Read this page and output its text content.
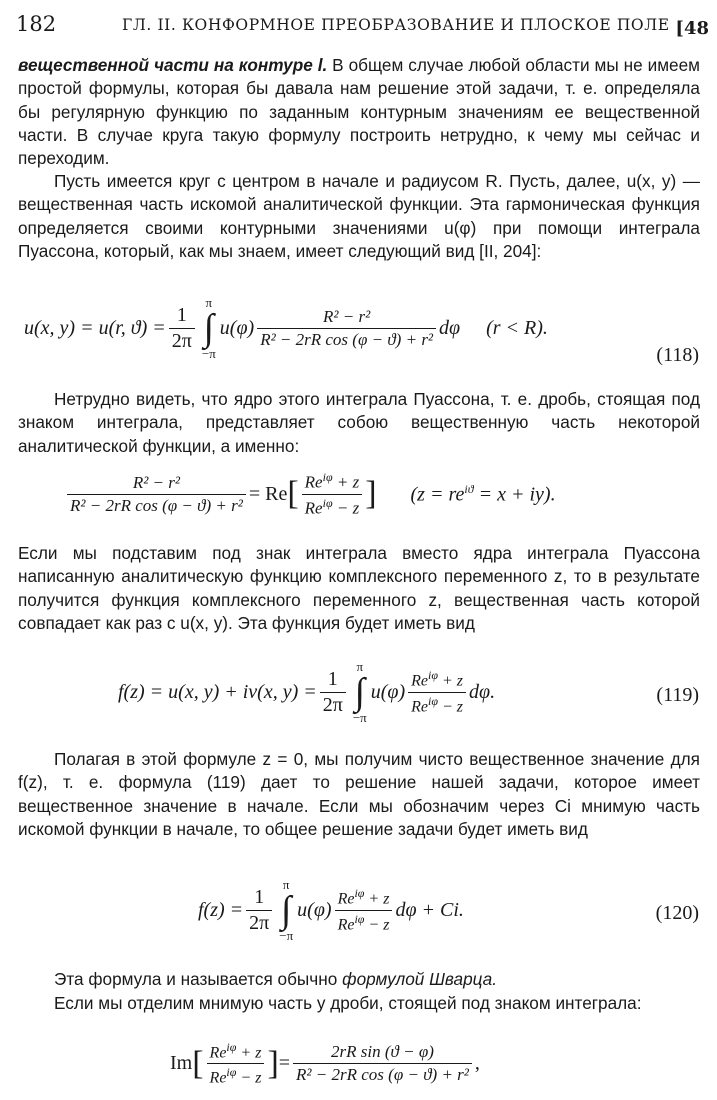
182	ГЛ. II. КОНФОРМНОЕ ПРЕОБРАЗОВАНИЕ И ПЛОСКОЕ ПОЛЕ [48

вещественной части на контуре l. В общем случае любой области мы не имеем простой формулы, которая бы давала нам решение этой задачи, т. е. определяла бы регулярную функцию по заданным контурным значениям ее вещественной части. В случае круга такую формулу построить нетрудно, к чему мы сейчас и переходим.

Пусть имеется круг с центром в начале и радиусом R. Пусть, далее, u(x, y) — вещественная часть искомой аналитической функции. Эта гармоническая функция определяется своими контурными значениями u(φ) при помощи интеграла Пуассона, который, как мы знаем, имеет следующий вид [II, 204]:

u(x, y) = u(r, $ϑ) = \frac{1}{2\pi}$
π
∫
−π
$u(\varphi) \frac{\text{R² − r²}}{\text{R² − 2rR cos (φ − ϑ) + r²}}$ dφ (r < R).
(118)

Нетрудно видеть, что ядро этого интеграла Пуассона, т. е. дробь, стоящая под знаком интеграла, представляет собою вещественную часть некоторой аналитической функции, а именно:

$\frac{\text{R² − r²}}{\text{R² − 2rR cos (φ − ϑ) + r²}} = Re$ [ $\frac{Re^{i\varphi} + z}{Re^{i\varphi} - z}$ ] $(z = re^{iϑ} = x + iy)$.

Если мы подставим под знак интеграла вместо ядра интеграла Пуассона написанную аналитическую функцию комплексного переменного z, то в результате получится функция комплексного переменного z, вещественная часть которой совпадает как раз с u(x, y). Эта функция будет иметь вид

f(z) = u(x, y) + iv(x, $y) = \frac{1}{2\pi}$
π
∫
−π
$u(\varphi) \frac{Re^{i\varphi} + z}{Re^{i\varphi} - z} d\varphi$.	(119)

Полагая в этой формуле z = 0, мы получим чисто вещественное значение для f(z), т. е. формула (119) дает то решение нашей задачи, которое имеет вещественное значение в начале. Если мы обозначим через Ci мнимую часть искомой функции в начале, то общее решение задачи будет иметь вид

$f(z) = \frac{1}{2\pi}$
π
∫
−π
$u(\varphi) \frac{Re^{i\varphi} + z}{Re^{i\varphi} - z}$ dφ + Ci.	(120)

Эта формула и называется обычно формулой Шварца.

Если мы отделим мнимую часть у дроби, стоящей под знаком интеграла:

Im [ $\frac{Re^{i\varphi} + z}{Re^{i\varphi} - z}$ ] = $\frac{\text{2rR sin (ϑ − φ)}}{\text{R² − 2rR cos (φ − ϑ) + r²}}$ ,
